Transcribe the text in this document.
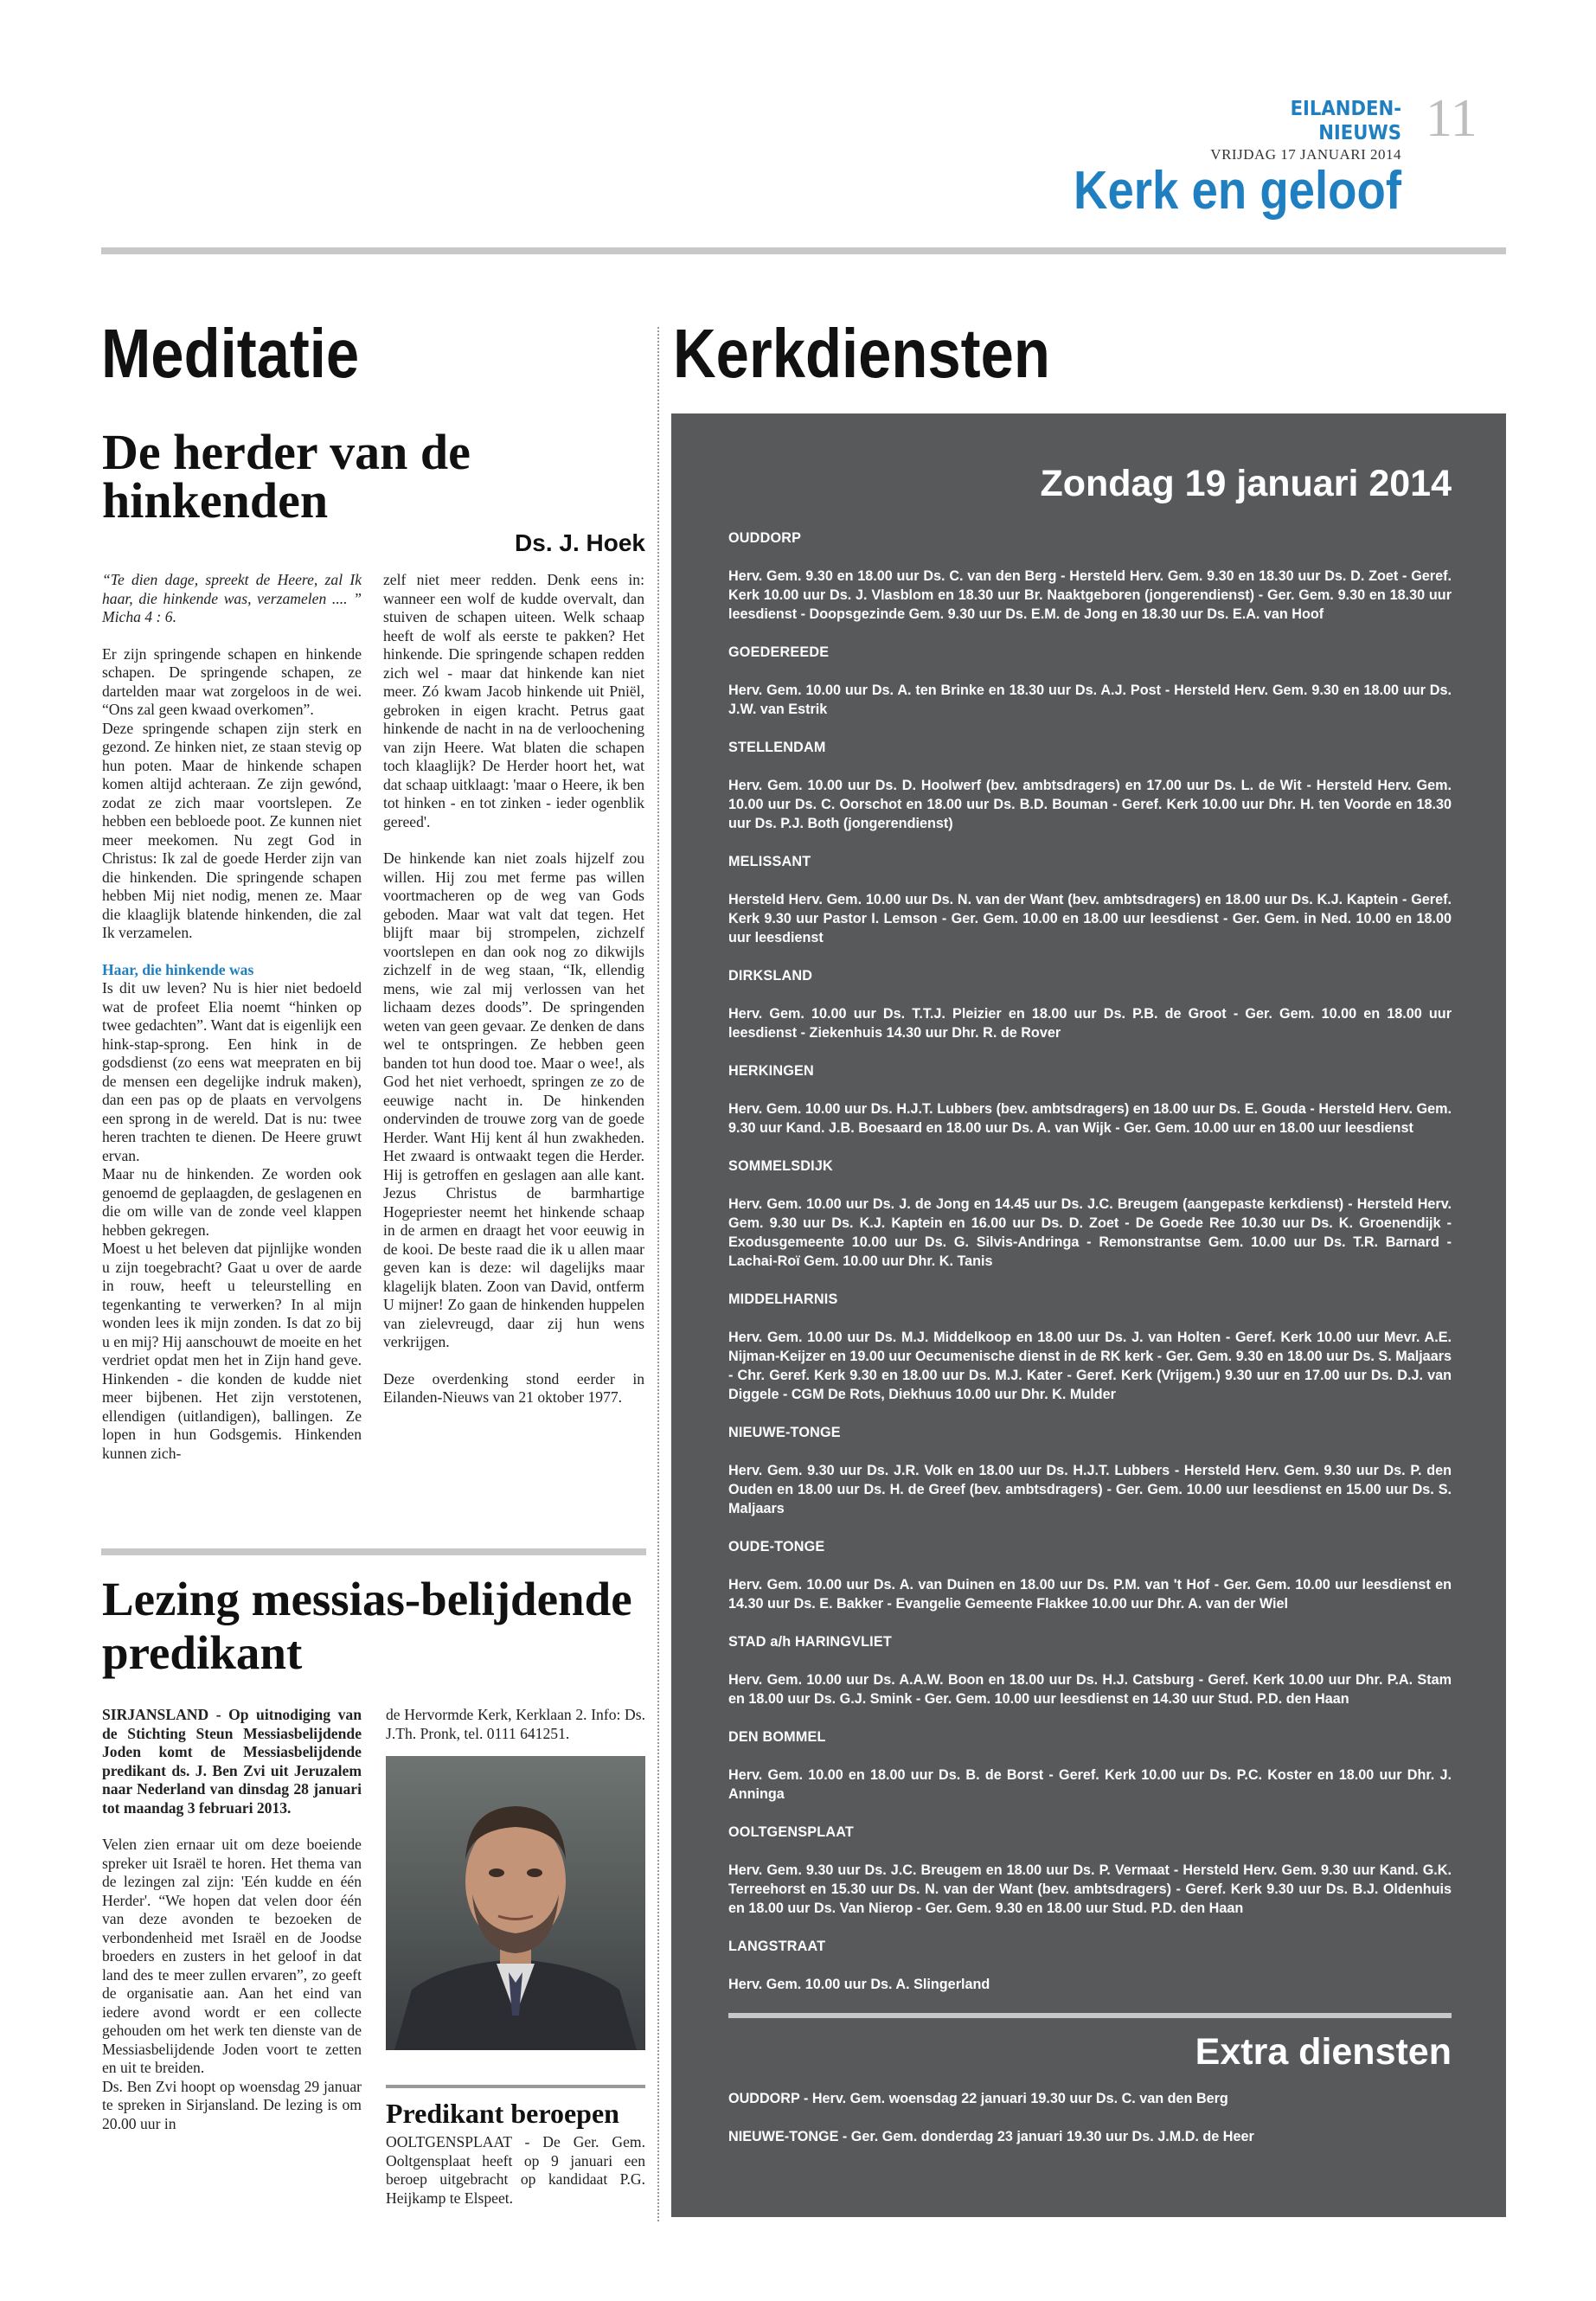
EILANDEN-NIEUWS
VRIJDAG 17 JANUARI 2014
11
Kerk en geloof
Meditatie
De herder van de hinkenden
Ds. J. Hoek

“Te dien dage, spreekt de Heere, zal Ik haar, die hinkende was, verzamelen .... ” Micha 4 : 6.

Er zijn springende schapen en hinkende schapen. De springende schapen, ze dartelden maar wat zorgeloos in de wei. “Ons zal geen kwaad overkomen”.

Deze springende schapen zijn sterk en gezond. Ze hinken niet, ze staan stevig op hun poten. Maar de hinkende schapen komen altijd achteraan. Ze zijn gewónd, zodat ze zich maar voortslepen. Ze hebben een bebloede poot. Ze kunnen niet meer meekomen. Nu zegt God in Christus: Ik zal de goede Herder zijn van die hinkenden. Die springende schapen hebben Mij niet nodig, menen ze. Maar die klaaglijk blatende hinkenden, die zal Ik verzamelen.

Haar, die hinkende was

Is dit uw leven? Nu is hier niet bedoeld wat de profeet Elia noemt “hinken op twee gedachten”. Want dat is eigenlijk een hink-stap-sprong. Een hink in de godsdienst (zo eens wat meepraten en bij de mensen een degelijke indruk maken), dan een pas op de plaats en vervolgens een sprong in de wereld. Dat is nu: twee heren trachten te dienen. De Heere gruwt ervan.

Maar nu de hinkenden. Ze worden ook genoemd de geplaagden, de geslagenen en die om wille van de zonde veel klappen hebben gekregen.

Moest u het beleven dat pijnlijke wonden u zijn toegebracht? Gaat u over de aarde in rouw, heeft u teleurstelling en tegenkanting te verwerken? In al mijn wonden lees ik mijn zonden. Is dat zo bij u en mij? Hij aanschouwt de moeite en het verdriet opdat men het in Zijn hand geve. Hinkenden - die konden de kudde niet meer bijbenen. Het zijn verstotenen, ellendigen (uitlandigen), ballingen. Ze lopen in hun Godsgemis. Hinkenden kunnen zich-

zelf niet meer redden. Denk eens in: wanneer een wolf de kudde overvalt, dan stuiven de schapen uiteen. Welk schaap heeft de wolf als eerste te pakken? Het hinkende. Die springende schapen redden zich wel - maar dat hinkende kan niet meer. Zó kwam Jacob hinkende uit Pniël, gebroken in eigen kracht. Petrus gaat hinkende de nacht in na de verloochening van zijn Heere. Wat blaten die schapen toch klaaglijk? De Herder hoort het, wat dat schaap uitklaagt: 'maar o Heere, ik ben tot hinken - en tot zinken - ieder ogenblik gereed'.

De hinkende kan niet zoals hijzelf zou willen. Hij zou met ferme pas willen voortmacheren op de weg van Gods geboden. Maar wat valt dat tegen. Het blijft maar bij strompelen, zichzelf voortslepen en dan ook nog zo dikwijls zichzelf in de weg staan, “Ik, ellendig mens, wie zal mij verlossen van het lichaam dezes doods”. De springenden weten van geen gevaar. Ze denken de dans wel te ontspringen. Ze hebben geen banden tot hun dood toe. Maar o wee!, als God het niet verhoedt, springen ze zo de eeuwige nacht in. De hinkenden ondervinden de trouwe zorg van de goede Herder. Want Hij kent ál hun zwakheden. Het zwaard is ontwaakt tegen die Herder. Hij is getroffen en geslagen aan alle kant. Jezus Christus de barmhartige Hogepriester neemt het hinkende schaap in de armen en draagt het voor eeuwig in de kooi. De beste raad die ik u allen maar geven kan is deze: wil dagelijks maar klagelijk blaten. Zoon van David, ontferm U mijner! Zo gaan de hinkenden huppelen van zielevreugd, daar zij hun wens verkrijgen.

Deze overdenking stond eerder in Eilanden-Nieuws van 21 oktober 1977.

Lezing messias-belijdende predikant

SIRJANSLAND - Op uitnodiging van de Stichting Steun Messiasbelijdende Joden komt de Messiasbelijdende predikant ds. J. Ben Zvi uit Jeruzalem naar Nederland van dinsdag 28 januari tot maandag 3 februari 2013.

Velen zien ernaar uit om deze boeiende spreker uit Israël te horen. Het thema van de lezingen zal zijn: 'Eén kudde en één Herder'. “We hopen dat velen door één van deze avonden te bezoeken de verbondenheid met Israël en de Joodse broeders en zusters in het geloof in dat land des te meer zullen ervaren”, zo geeft de organisatie aan. Aan het eind van iedere avond wordt er een collecte gehouden om het werk ten dienste van de Messiasbelijdende Joden voort te zetten en uit te breiden.

Ds. Ben Zvi hoopt op woensdag 29 januar te spreken in Sirjansland. De lezing is om 20.00 uur in

de Hervormde Kerk, Kerklaan 2. Info: Ds. J.Th. Pronk, tel. 0111 641251.

Predikant beroepen
OOLTGENSPLAAT - De Ger. Gem. Ooltgensplaat heeft op 9 januari een beroep uitgebracht op kandidaat P.G. Heijkamp te Elspeet.
Kerkdiensten
Zondag 19 januari 2014
OUDDORP
Herv. Gem. 9.30 en 18.00 uur Ds. C. van den Berg - Hersteld Herv. Gem. 9.30 en 18.30 uur Ds. D. Zoet - Geref. Kerk 10.00 uur Ds. J. Vlasblom en 18.30 uur Br. Naaktgeboren (jongerendienst) - Ger. Gem. 9.30 en 18.30 uur leesdienst - Doopsgezinde Gem. 9.30 uur Ds. E.M. de Jong en 18.30 uur Ds. E.A. van Hoof
GOEDEREEDE
Herv. Gem. 10.00 uur Ds. A. ten Brinke en 18.30 uur Ds. A.J. Post - Hersteld Herv. Gem. 9.30 en 18.00 uur Ds. J.W. van Estrik
STELLENDAM
Herv. Gem. 10.00 uur Ds. D. Hoolwerf (bev. ambtsdragers) en 17.00 uur Ds. L. de Wit - Hersteld Herv. Gem. 10.00 uur Ds. C. Oorschot en 18.00 uur Ds. B.D. Bouman - Geref. Kerk 10.00 uur Dhr. H. ten Voorde en 18.30 uur Ds. P.J. Both (jongerendienst)
MELISSANT
Hersteld Herv. Gem. 10.00 uur Ds. N. van der Want (bev. ambtsdragers) en 18.00 uur Ds. K.J. Kaptein - Geref. Kerk 9.30 uur Pastor I. Lemson - Ger. Gem. 10.00 en 18.00 uur leesdienst - Ger. Gem. in Ned. 10.00 en 18.00 uur leesdienst
DIRKSLAND
Herv. Gem. 10.00 uur Ds. T.T.J. Pleizier en 18.00 uur Ds. P.B. de Groot - Ger. Gem. 10.00 en 18.00 uur leesdienst - Ziekenhuis 14.30 uur Dhr. R. de Rover
HERKINGEN
Herv. Gem. 10.00 uur Ds. H.J.T. Lubbers (bev. ambtsdragers) en 18.00 uur Ds. E. Gouda - Hersteld Herv. Gem. 9.30 uur Kand. J.B. Boesaard en 18.00 uur Ds. A. van Wijk - Ger. Gem. 10.00 uur en 18.00 uur leesdienst
SOMMELSDIJK
Herv. Gem. 10.00 uur Ds. J. de Jong en 14.45 uur Ds. J.C. Breugem (aangepaste kerkdienst) - Hersteld Herv. Gem. 9.30 uur Ds. K.J. Kaptein en 16.00 uur Ds. D. Zoet - De Goede Ree 10.30 uur Ds. K. Groenendijk - Exodusgemeente 10.00 uur Ds. G. Silvis-Andringa - Remonstrantse Gem. 10.00 uur Ds. T.R. Barnard - Lachai-Roï Gem. 10.00 uur Dhr. K. Tanis
MIDDELHARNIS
Herv. Gem. 10.00 uur Ds. M.J. Middelkoop en 18.00 uur Ds. J. van Holten - Geref. Kerk 10.00 uur Mevr. A.E. Nijman-Keijzer en 19.00 uur Oecumenische dienst in de RK kerk - Ger. Gem. 9.30 en 18.00 uur Ds. S. Maljaars - Chr. Geref. Kerk 9.30 en 18.00 uur Ds. M.J. Kater - Geref. Kerk (Vrijgem.) 9.30 uur en 17.00 uur Ds. D.J. van Diggele - CGM De Rots, Diekhuus 10.00 uur Dhr. K. Mulder
NIEUWE-TONGE
Herv. Gem. 9.30 uur Ds. J.R. Volk en 18.00 uur Ds. H.J.T. Lubbers - Hersteld Herv. Gem. 9.30 uur Ds. P. den Ouden en 18.00 uur Ds. H. de Greef (bev. ambtsdragers) - Ger. Gem. 10.00 uur leesdienst en 15.00 uur Ds. S. Maljaars
OUDE-TONGE
Herv. Gem. 10.00 uur Ds. A. van Duinen en 18.00 uur Ds. P.M. van 't Hof - Ger. Gem. 10.00 uur leesdienst en 14.30 uur Ds. E. Bakker - Evangelie Gemeente Flakkee 10.00 uur Dhr. A. van der Wiel
STAD a/h HARINGVLIET
Herv. Gem. 10.00 uur Ds. A.A.W. Boon en 18.00 uur Ds. H.J. Catsburg - Geref. Kerk 10.00 uur Dhr. P.A. Stam en 18.00 uur Ds. G.J. Smink - Ger. Gem. 10.00 uur leesdienst en 14.30 uur Stud. P.D. den Haan
DEN BOMMEL
Herv. Gem. 10.00 en 18.00 uur Ds. B. de Borst - Geref. Kerk 10.00 uur Ds. P.C. Koster en 18.00 uur Dhr. J. Anninga
OOLTGENSPLAAT
Herv. Gem. 9.30 uur Ds. J.C. Breugem en 18.00 uur Ds. P. Vermaat - Hersteld Herv. Gem. 9.30 uur Kand. G.K. Terreehorst en 15.30 uur Ds. N. van der Want (bev. ambtsdragers) - Geref. Kerk 9.30 uur Ds. B.J. Oldenhuis en 18.00 uur Ds. Van Nierop - Ger. Gem. 9.30 en 18.00 uur Stud. P.D. den Haan
LANGSTRAAT
Herv. Gem. 10.00 uur Ds. A. Slingerland
Extra diensten
OUDDORP - Herv. Gem. woensdag 22 januari 19.30 uur Ds. C. van den Berg
NIEUWE-TONGE - Ger. Gem. donderdag 23 januari 19.30 uur Ds. J.M.D. de Heer
